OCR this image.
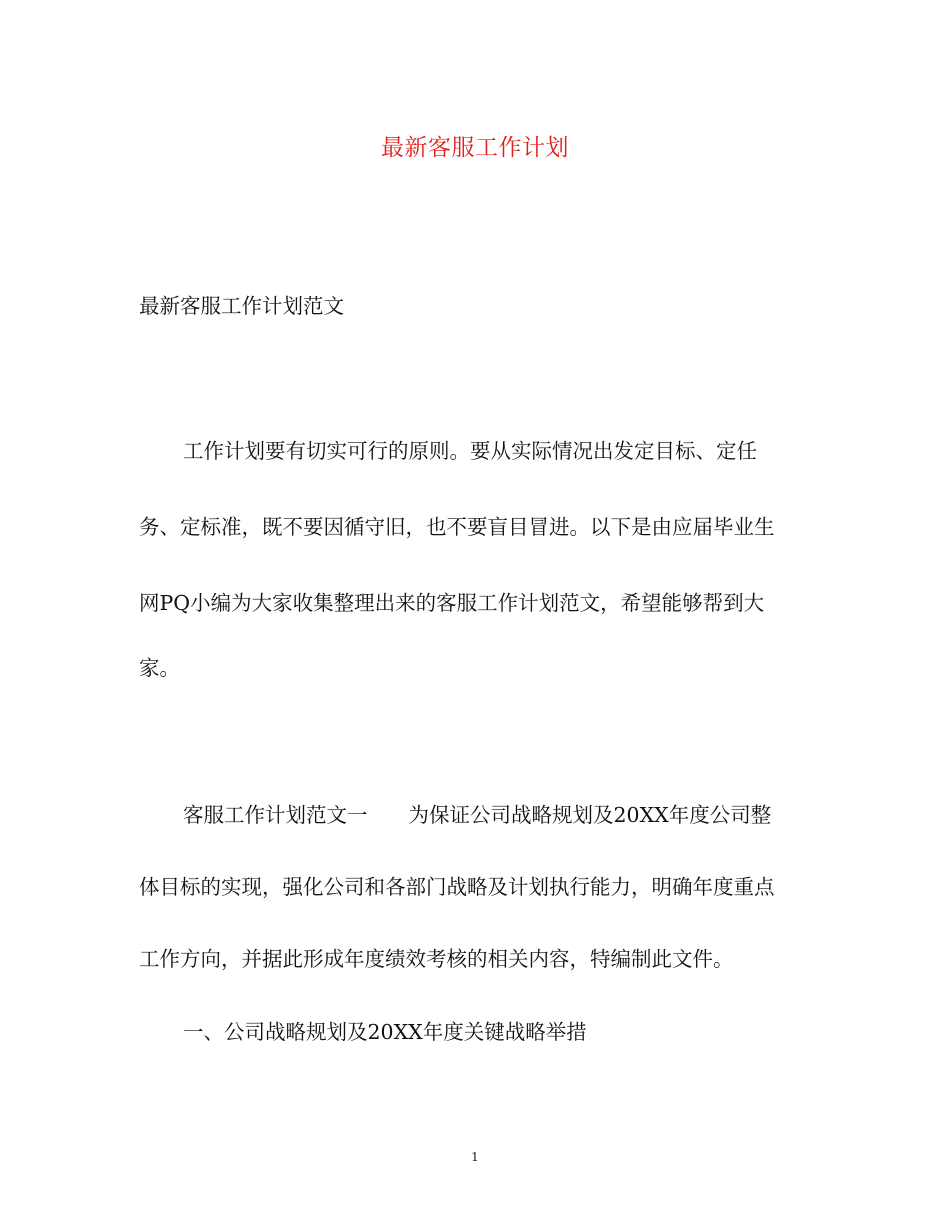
最新客服工作计划
最新客服工作计划范文
工作计划要有切实可行的原则。要从实际情况出发定目标、定任
务、定标准，既不要因循守旧，也不要盲目冒进。以下是由应届毕业生
网PQ小编为大家收集整理出来的客服工作计划范文，希望能够帮到大
家。
客服工作计划范文一　　为保证公司战略规划及20XX年度公司整
体目标的实现，强化公司和各部门战略及计划执行能力，明确年度重点
工作方向，并据此形成年度绩效考核的相关内容，特编制此文件。
一、公司战略规划及20XX年度关键战略举措
1
